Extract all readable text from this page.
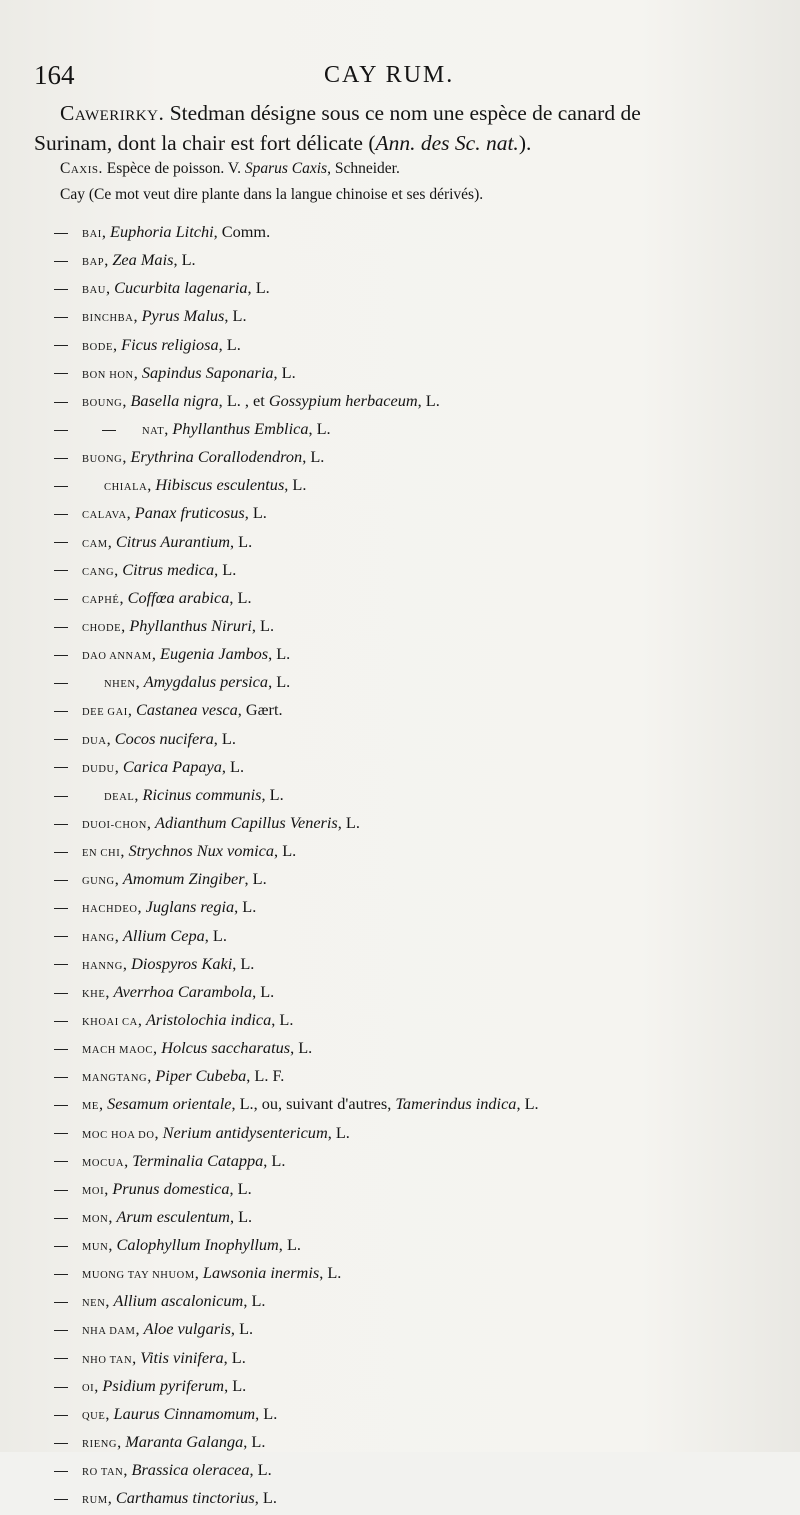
164	CAY RUM.
Cawerirky. Stedman désigne sous ce nom une espèce de canard de
Surinam, dont la chair est fort délicate (Ann. des Sc. nat.).
Caxis. Espèce de poisson. V. Sparus Caxis, Schneider.
Cay (Ce mot veut dire plante dans la langue chinoise et ses dérivés).
BAI, Euphoria Litchi, Comm.
BAP, Zea Mais, L.
BAU, Cucurbita lagenaria, L.
BINCHBA, Pyrus Malus, L.
BODE, Ficus religiosa, L.
BON HON, Sapindus Saponaria, L.
BOUNG, Basella nigra, L. , et Gossypium herbaceum, L.
NAT, Phyllanthus Emblica, L.
BUONG, Erythrina Corallodendron, L.
CHIALA, Hibiscus esculentus, L.
CALAVA, Panax fruticosus, L.
CAM, Citrus Aurantium, L.
CANG, Citrus medica, L.
CAPHÉ, Coffœa arabica, L.
CHODE, Phyllanthus Niruri, L.
DAO ANNAM, Eugenia Jambos, L.
NHEN, Amygdalus persica, L.
DEE GAI, Castanea vesca, Gært.
DUA, Cocos nucifera, L.
DUDU, Carica Papaya, L.
DEAL, Ricinus communis, L.
DUOI-CHON, Adianthum Capillus Veneris, L.
EN CHI, Strychnos Nux vomica, L.
GUNG, Amomum Zingiber, L.
HACHDEO, Juglans regia, L.
HANG, Allium Cepa, L.
HANNG, Diospyros Kaki, L.
KHE, Averrhoa Carambola, L.
KHOAI CA, Aristolochia indica, L.
MACH MAOC, Holcus saccharatus, L.
MANGTANG, Piper Cubeba, L. F.
ME, Sesamum orientale, L., ou, suivant d'autres, Tamerindus indica, L.
MOC HOA DO, Nerium antidysentericum, L.
MOCUA, Terminalia Catappa, L.
MOI, Prunus domestica, L.
MON, Arum esculentum, L.
MUN, Calophyllum Inophyllum, L.
MUONG TAY NHUOM, Lawsonia inermis, L.
NEN, Allium ascalonicum, L.
NHA DAM, Aloe vulgaris, L.
NHO TAN, Vitis vinifera, L.
OI, Psidium pyriferum, L.
QUE, Laurus Cinnamomum, L.
RIENG, Maranta Galanga, L.
RO TAN, Brassica oleracea, L.
RUM, Carthamus tinctorius, L.
